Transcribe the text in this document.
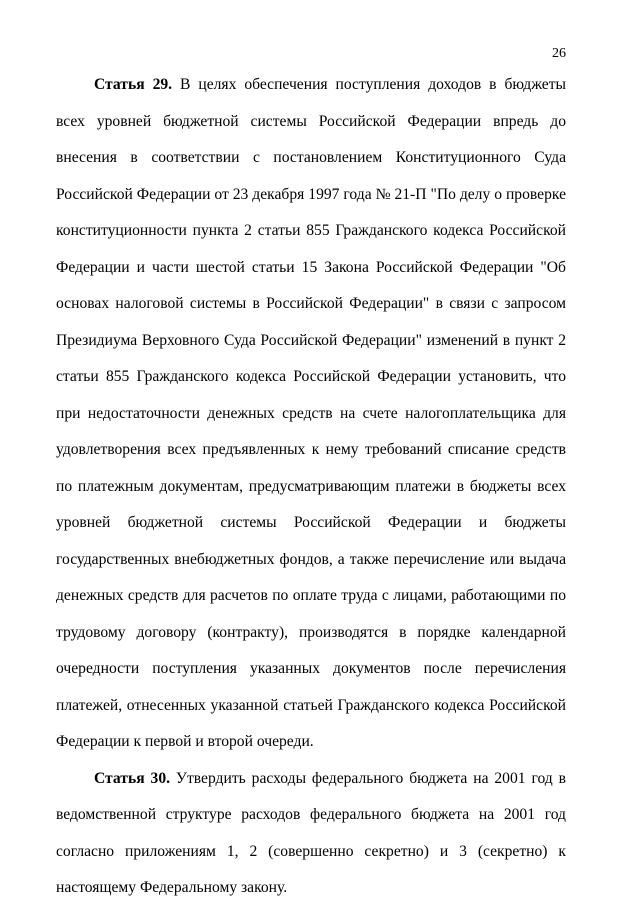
26

Статья 29. В целях обеспечения поступления доходов в бюджеты всех уровней бюджетной системы Российской Федерации впредь до внесения в соответствии с постановлением Конституционного Суда Российской Федерации от 23 декабря 1997 года № 21-П "По делу о проверке конституционности пункта 2 статьи 855 Гражданского кодекса Российской Федерации и части шестой статьи 15 Закона Российской Федерации "Об основах налоговой системы в Российской Федерации" в связи с запросом Президиума Верховного Суда Российской Федерации" изменений в пункт 2 статьи 855 Гражданского кодекса Российской Федерации установить, что при недостаточности денежных средств на счете налогоплательщика для удовлетворения всех предъявленных к нему требований списание средств по платежным документам, предусматривающим платежи в бюджеты всех уровней бюджетной системы Российской Федерации и бюджеты государственных внебюджетных фондов, а также перечисление или выдача денежных средств для расчетов по оплате труда с лицами, работающими по трудовому договору (контракту), производятся в порядке календарной очередности поступления указанных документов после перечисления платежей, отнесенных указанной статьей Гражданского кодекса Российской Федерации к первой и второй очереди.

Статья 30. Утвердить расходы федерального бюджета на 2001 год в ведомственной структуре расходов федерального бюджета на 2001 год согласно приложениям 1, 2 (совершенно секретно) и 3 (секретно) к настоящему Федеральному закону.
